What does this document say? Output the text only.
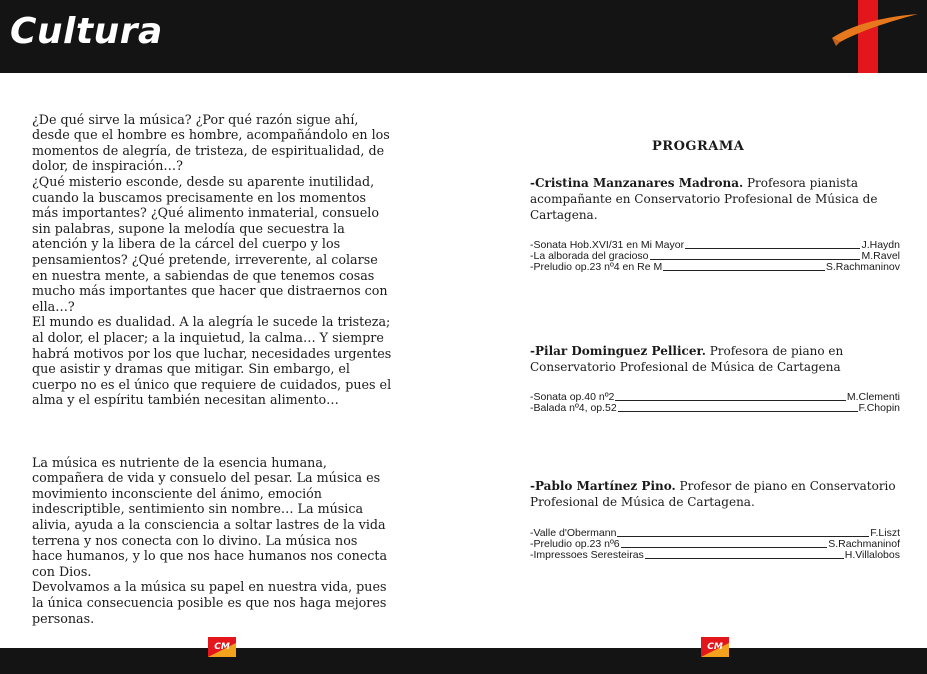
Cultura

¿De qué sirve la música? ¿Por qué razón sigue ahí,
desde que el hombre es hombre, acompañándolo en los
momentos de alegría, de tristeza, de espiritualidad, de
dolor, de inspiración…?
¿Qué misterio esconde, desde su aparente inutilidad,
cuando la buscamos precisamente en los momentos
más importantes? ¿Qué alimento inmaterial, consuelo
sin palabras, supone la melodía que secuestra la
atención y la libera de la cárcel del cuerpo y los
pensamientos? ¿Qué pretende, irreverente, al colarse
en nuestra mente, a sabiendas de que tenemos cosas
mucho más importantes que hacer que distraernos con
ella…?
El mundo es dualidad. A la alegría le sucede la tristeza;
al dolor, el placer; a la inquietud, la calma… Y siempre
habrá motivos por los que luchar, necesidades urgentes
que asistir y dramas que mitigar. Sin embargo, el
cuerpo no es el único que requiere de cuidados, pues el
alma y el espíritu también necesitan alimento…

La música es nutriente de la esencia humana,
compañera de vida y consuelo del pesar. La música es
movimiento inconsciente del ánimo, emoción
indescriptible, sentimiento sin nombre… La música
alivia, ayuda a la consciencia a soltar lastres de la vida
terrena y nos conecta con lo divino. La música nos
hace humanos, y lo que nos hace humanos nos conecta
con Dios.
Devolvamos a la música su papel en nuestra vida, pues
la única consecuencia posible es que nos haga mejores
personas.

PROGRAMA
-Cristina Manzanares Madrona. Profesora pianista acompañante en Conservatorio Profesional de Música de Cartagena.
-Sonata Hob.XVI/31 en Mi Mayor	J.Haydn
-La alborada del gracioso	M.Ravel
-Preludio op.23 nº4 en Re M	S.Rachmaninov
-Pilar Dominguez Pellicer. Profesora de piano en Conservatorio Profesional de Música de Cartagena
-Sonata op.40 nº2	M.Clementi
-Balada nº4, op.52	F.Chopin
-Pablo Martínez Pino. Profesor de piano en Conservatorio Profesional de Música de Cartagena.
-Valle d'Obermann	F.Liszt
-Preludio op.23 nº6	S.Rachmaninof
-Impressoes Seresteiras	H.Villalobos
CM	CM
